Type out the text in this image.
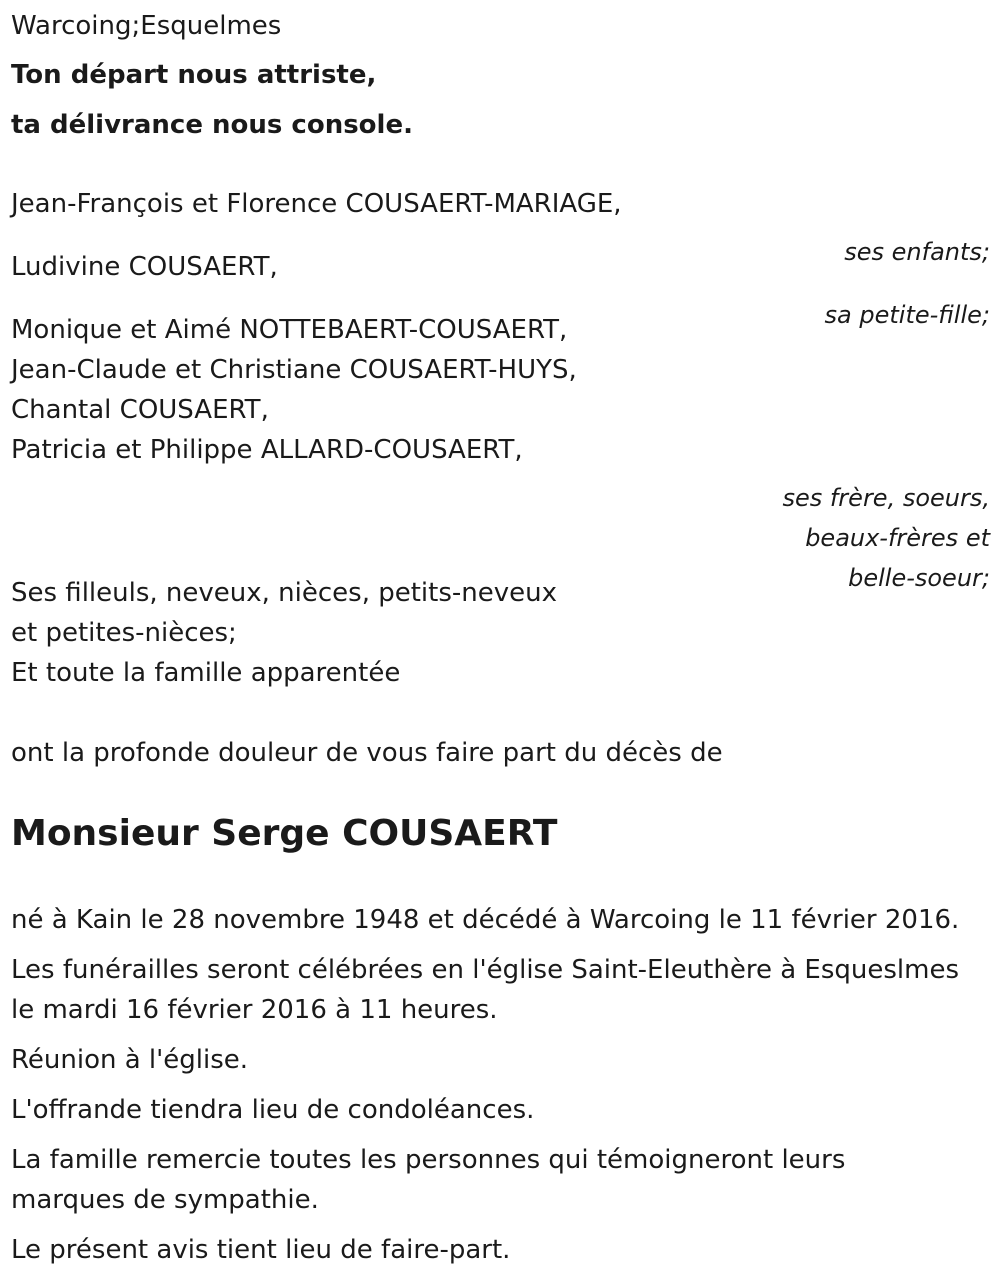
Warcoing;Esquelmes

Ton départ nous attriste,

ta délivrance nous console.

Jean-François et Florence COUSAERT-MARIAGE,

ses enfants;

Ludivine COUSAERT,

sa petite-fille;

Monique et Aimé NOTTEBAERT-COUSAERT,

Jean-Claude et Christiane COUSAERT-HUYS,

Chantal COUSAERT,

Patricia et Philippe ALLARD-COUSAERT,

ses frère, soeurs,

beaux-frères et

belle-soeur;

Ses filleuls, neveux, nièces, petits-neveux

et petites-nièces;

Et toute la famille apparentée

ont la profonde douleur de vous faire part du décès de

Monsieur Serge COUSAERT

né à Kain le 28 novembre 1948 et décédé à Warcoing le 11 février 2016.

Les funérailles seront célébrées en l'église Saint-Eleuthère à Esqueslmes

le mardi 16 février 2016 à 11 heures.

Réunion à l'église.

L'offrande tiendra lieu de condoléances.

La famille remercie toutes les personnes qui témoigneront leurs

marques de sympathie.

Le présent avis tient lieu de faire-part.
